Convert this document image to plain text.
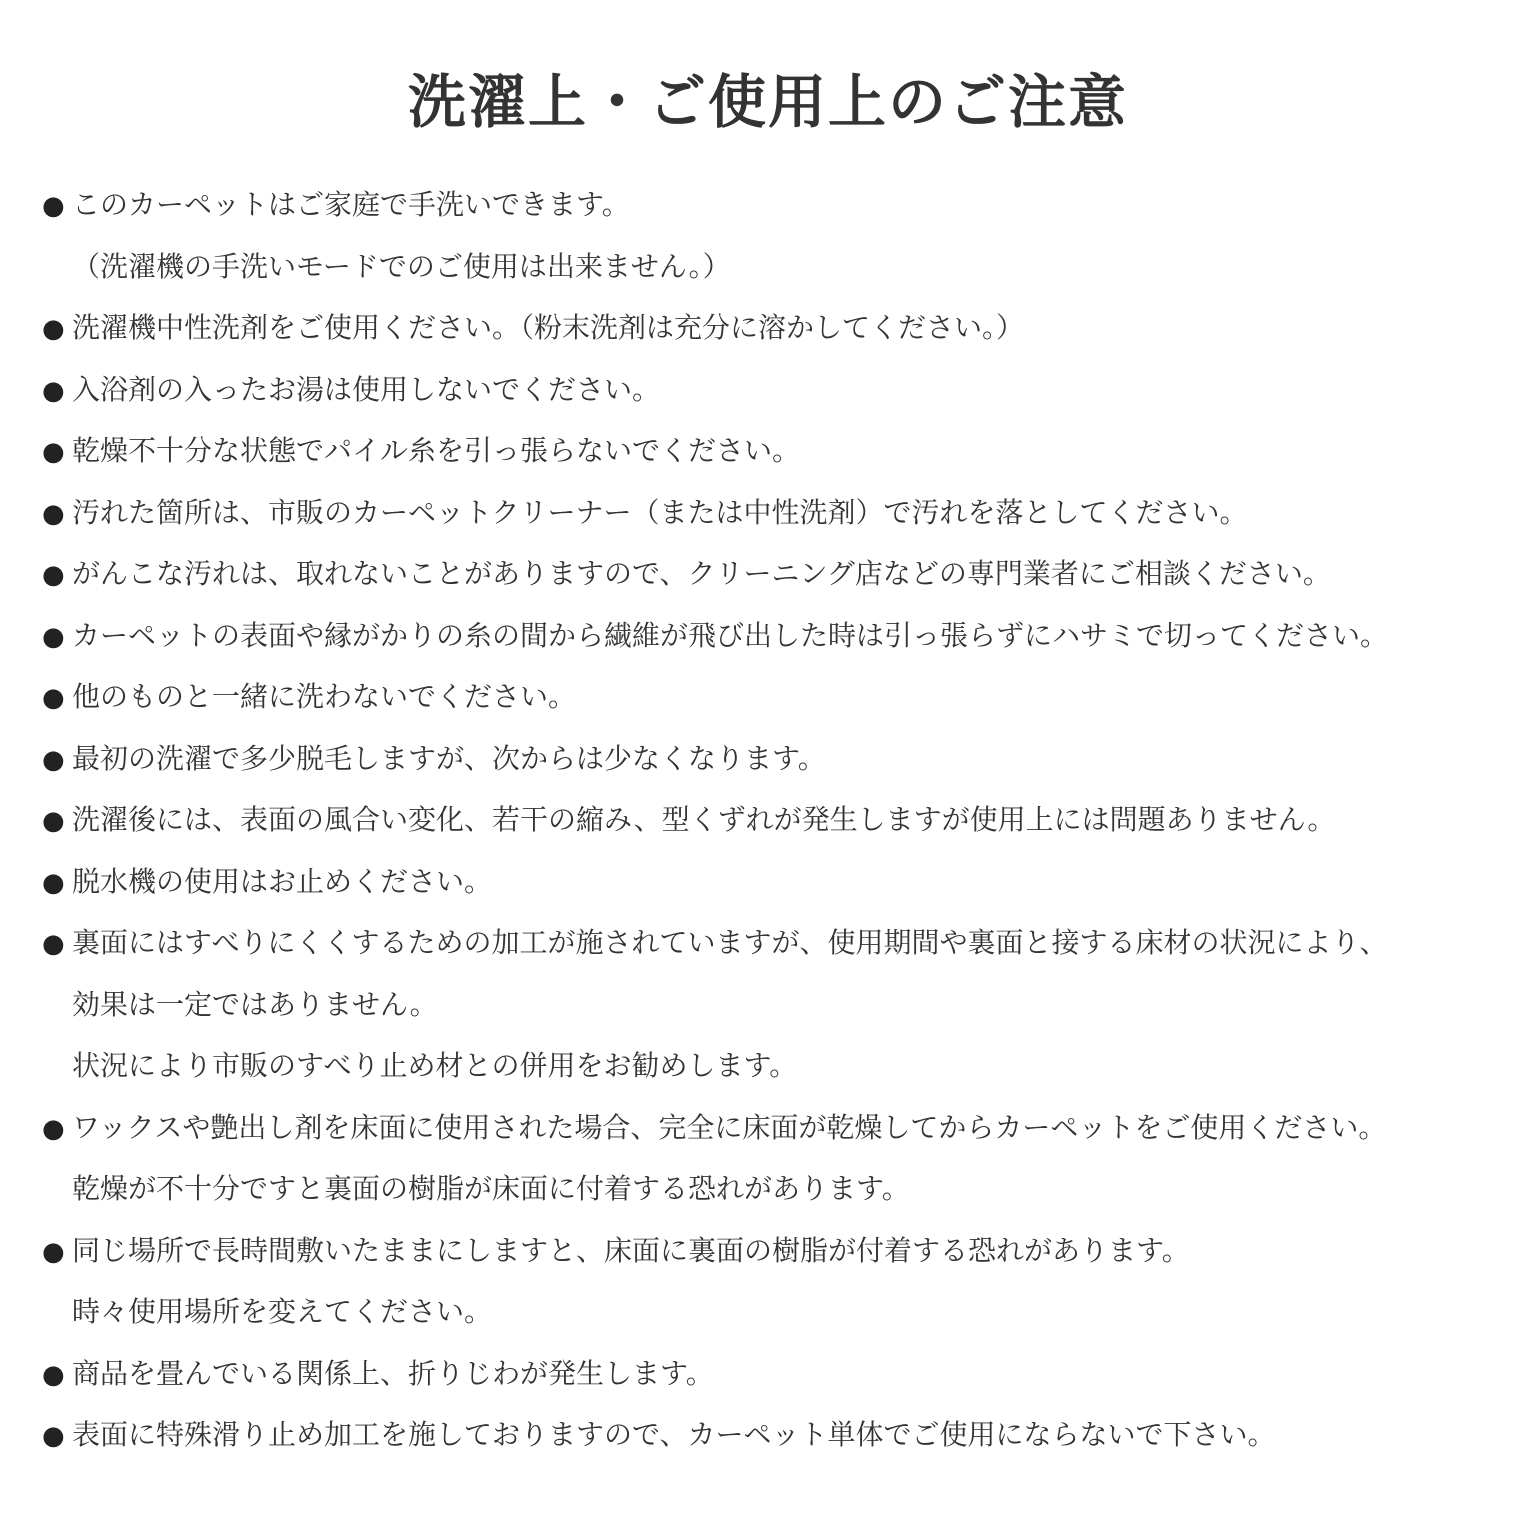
洗濯上・ご使用上のご注意
● このカーペットはご家庭で手洗いできます。
（洗濯機の手洗いモードでのご使用は出来ません。）
● 洗濯機中性洗剤をご使用ください。（粉末洗剤は充分に溶かしてください。）
● 入浴剤の入ったお湯は使用しないでください。
● 乾燥不十分な状態でパイル糸を引っ張らないでください。
● 汚れた箇所は、市販のカーペットクリーナー（または中性洗剤）で汚れを落としてください。
● がんこな汚れは、取れないことがありますので、クリーニング店などの専門業者にご相談ください。
● カーペットの表面や縁がかりの糸の間から繊維が飛び出した時は引っ張らずにハサミで切ってください。
● 他のものと一緒に洗わないでください。
● 最初の洗濯で多少脱毛しますが、次からは少なくなります。
● 洗濯後には、表面の風合い変化、若干の縮み、型くずれが発生しますが使用上には問題ありません。
● 脱水機の使用はお止めください。
● 裏面にはすべりにくくするための加工が施されていますが、使用期間や裏面と接する床材の状況により、
効果は一定ではありません。
状況により市販のすべり止め材との併用をお勧めします。
● ワックスや艶出し剤を床面に使用された場合、完全に床面が乾燥してからカーペットをご使用ください。
乾燥が不十分ですと裏面の樹脂が床面に付着する恐れがあります。
● 同じ場所で長時間敷いたままにしますと、床面に裏面の樹脂が付着する恐れがあります。
時々使用場所を変えてください。
● 商品を畳んでいる関係上、折りじわが発生します。
● 表面に特殊滑り止め加工を施しておりますので、カーペット単体でご使用にならないで下さい。
